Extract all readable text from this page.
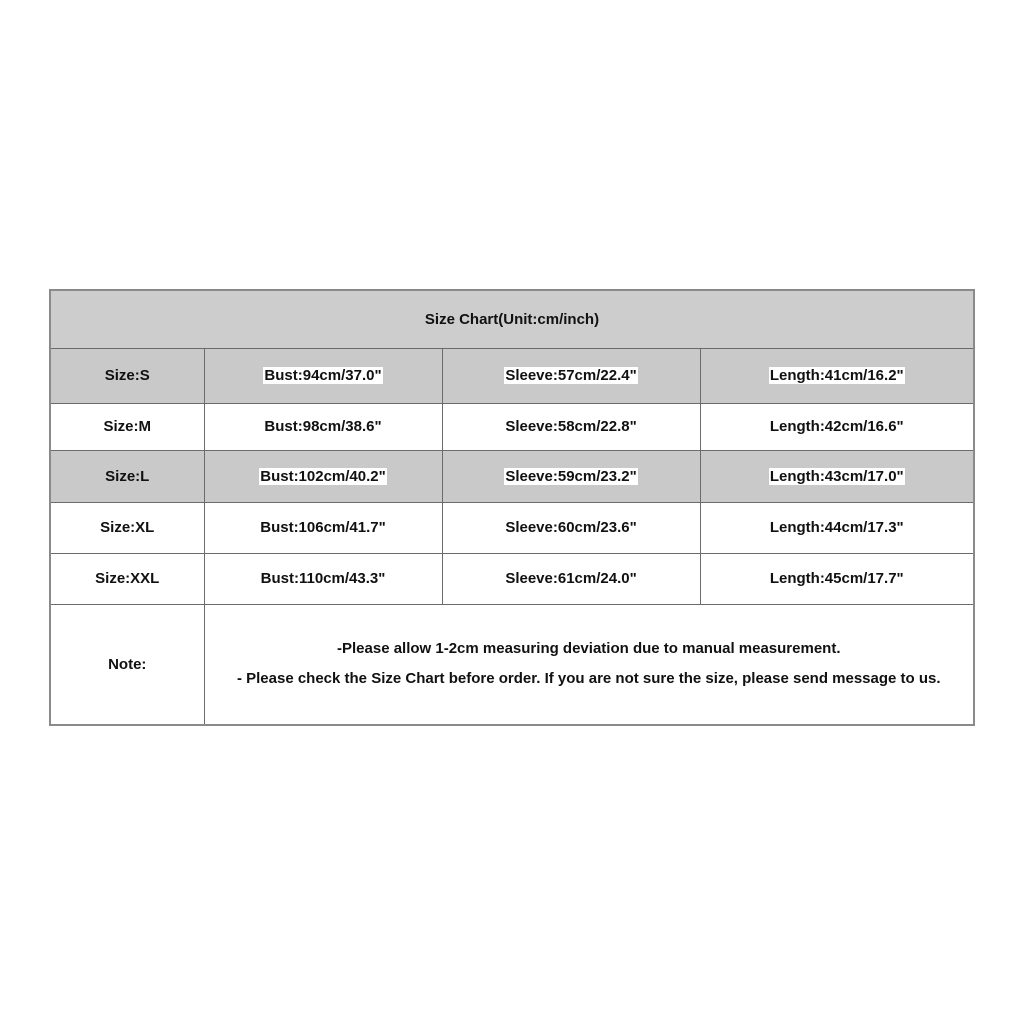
Size Chart(Unit:cm/inch)
Size:S	Bust:94cm/37.0"	Sleeve:57cm/22.4"	Length:41cm/16.2"
Size:M	Bust:98cm/38.6"	Sleeve:58cm/22.8"	Length:42cm/16.6"
Size:L	Bust:102cm/40.2"	Sleeve:59cm/23.2"	Length:43cm/17.0"
Size:XL	Bust:106cm/41.7"	Sleeve:60cm/23.6"	Length:44cm/17.3"
Size:XXL	Bust:110cm/43.3"	Sleeve:61cm/24.0"	Length:45cm/17.7"
Note:	-Please allow 1-2cm measuring deviation due to manual measurement.
- Please check the Size Chart before order. If you are not sure the size, please send message to us.		
